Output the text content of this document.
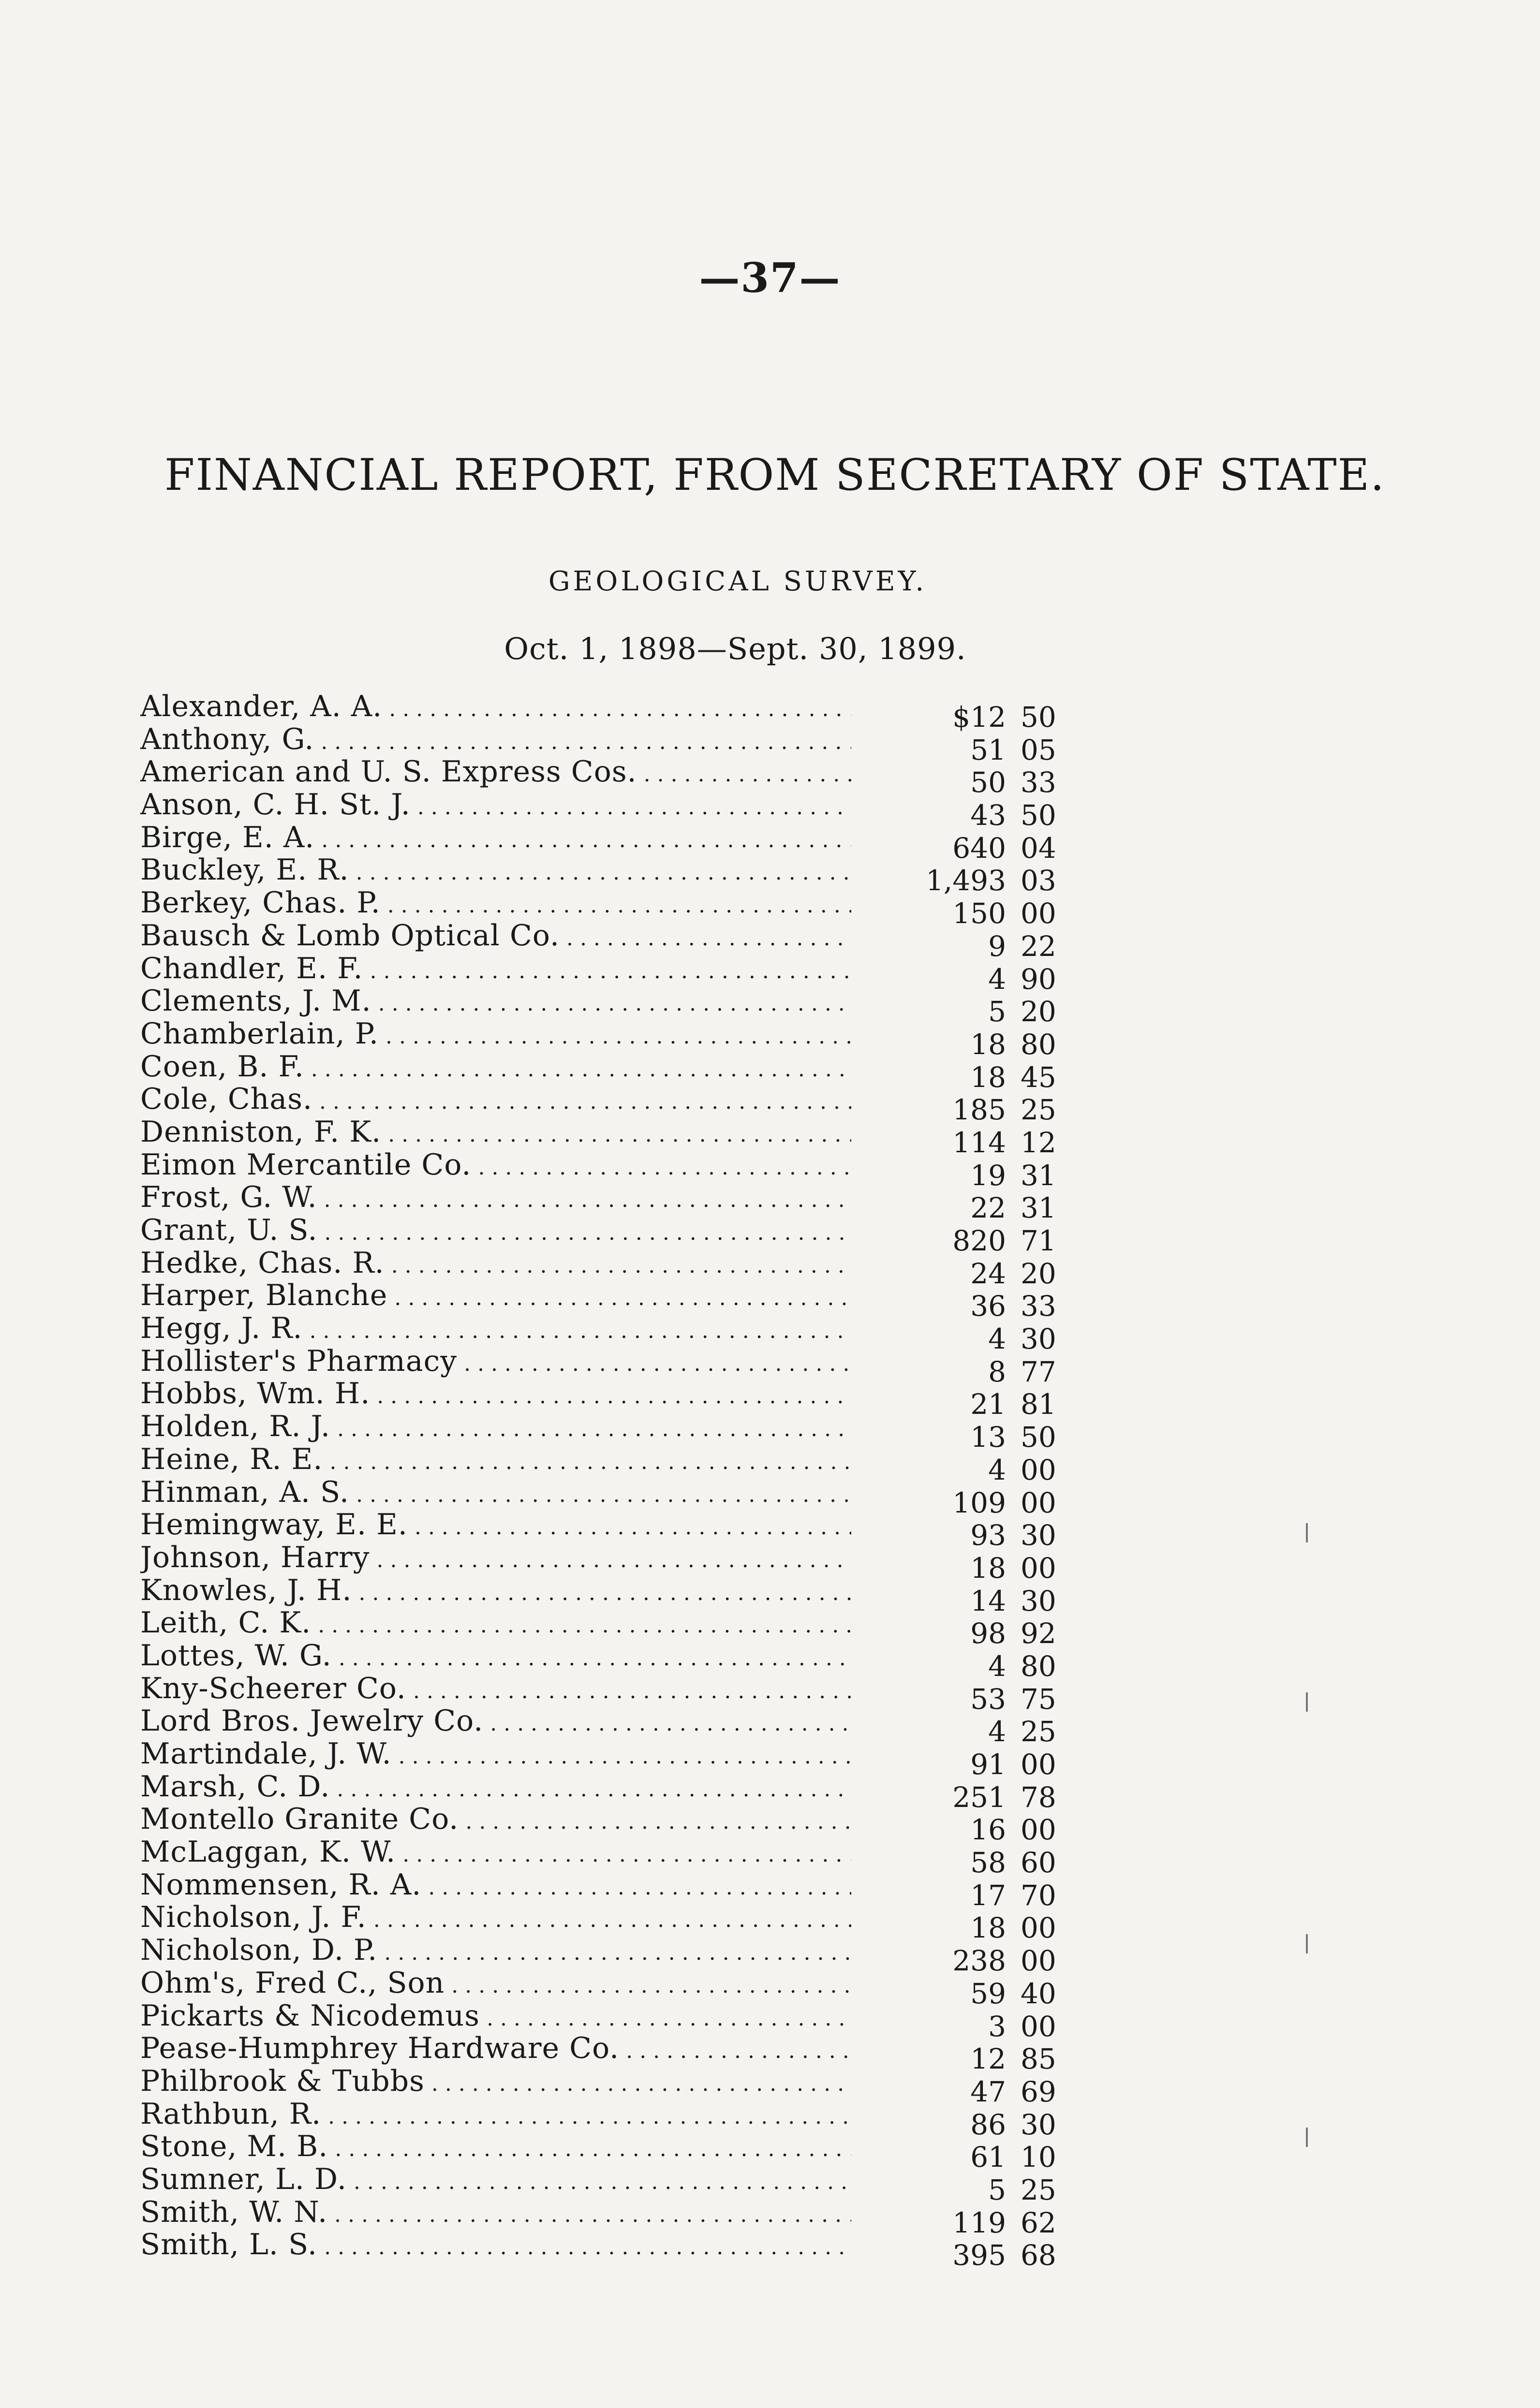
—37—
FINANCIAL REPORT, FROM SECRETARY OF STATE.
GEOLOGICAL SURVEY.
Oct. 1, 1898—Sept. 30, 1899.
Alexander, A. A. . . .	$12 50
Anthony, G. . . .	51 05
American and U. S. Express Cos. . . .	50 33
Anson, C. H. St. J. . . .	43 50
Birge, E. A. . . .	640 04
Buckley, E. R. . . .	1,493 03
Berkey, Chas. P. . . .	150 00
Bausch & Lomb Optical Co. . . .	9 22
Chandler, E. F. . . .	4 90
Clements, J. M. . . .	5 20
Chamberlain, P. . . .	18 80
Coen, B. F. . . .	18 45
Cole, Chas. . . .	185 25
Denniston, F. K. . . .	114 12
Eimon Mercantile Co. . . .	19 31
Frost, G. W. . . .	22 31
Grant, U. S. . . .	820 71
Hedke, Chas. R. . . .	24 20
Harper, Blanche . . .	36 33
Hegg, J. R. . . .	4 30
Hollister's Pharmacy . . .	8 77
Hobbs, Wm. H. . . .	21 81
Holden, R. J. . . .	13 50
Heine, R. E. . . .	4 00
Hinman, A. S. . . .	109 00
Hemingway, E. E. . . .	93 30
Johnson, Harry . . .	18 00
Knowles, J. H. . . .	14 30
Leith, C. K. . . .	98 92
Lottes, W. G. . . .	4 80
Kny-Scheerer Co. . . .	53 75
Lord Bros. Jewelry Co. . . .	4 25
Martindale, J. W. . . .	91 00
Marsh, C. D. . . .	251 78
Montello Granite Co. . . .	16 00
McLaggan, K. W. . . .	58 60
Nommensen, R. A. . . .	17 70
Nicholson, J. F. . . .	18 00
Nicholson, D. P. . . .	238 00
Ohm's, Fred C., Son . . .	59 40
Pickarts & Nicodemus . . .	3 00
Pease-Humphrey Hardware Co. . . .	12 85
Philbrook & Tubbs . . .	47 69
Rathbun, R. . . .	86 30
Stone, M. B. . . .	61 10
Sumner, L. D. . . .	5 25
Smith, W. N. . . .	119 62
Smith, L. S. . . .	395 68
